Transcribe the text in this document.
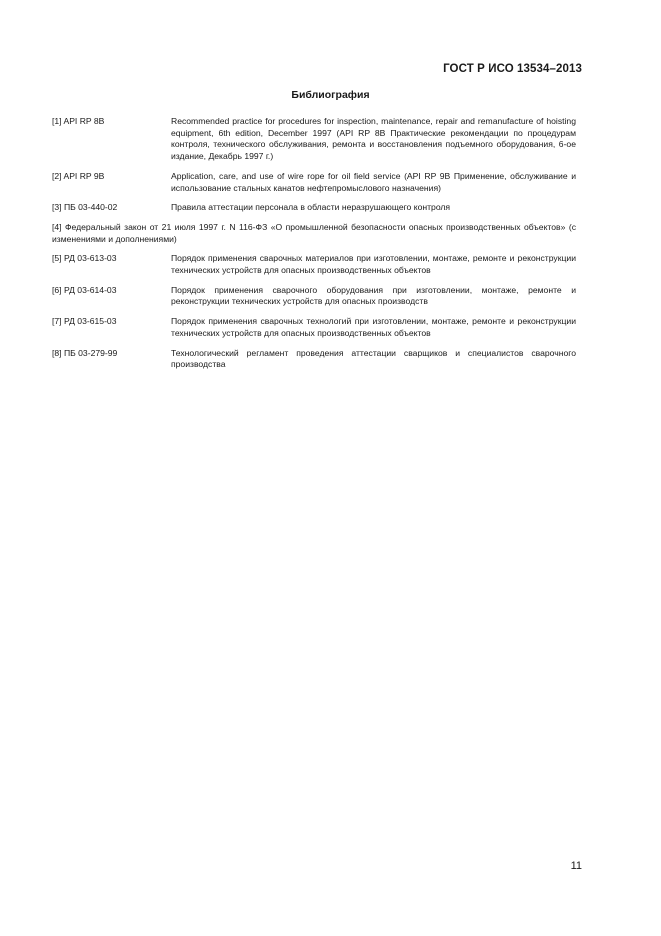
ГОСТ Р ИСО 13534–2013
Библиография
[1] API RP 8B	Recommended practice for procedures for inspection, maintenance, repair and remanufacture of hoisting equipment, 6th edition, December 1997 (API RP 8B Практические рекомендации по процедурам контроля, технического обслуживания, ремонта и восстановления подъемного оборудования, 6-ое издание, Декабрь 1997 г.)
[2] API RP 9B	Application, care, and use of wire rope for oil field service (API RP 9B Применение, обслуживание и использование стальных канатов нефтепромыслового назначения)
[3] ПБ 03-440-02	Правила аттестации персонала в области неразрушающего контроля
[4] Федеральный закон от 21 июля 1997 г. N 116-ФЗ «О промышленной безопасности опасных производственных объектов» (с изменениями и дополнениями)
[5] РД 03-613-03	Порядок применения сварочных материалов при изготовлении, монтаже, ремонте и реконструкции технических устройств для опасных производственных объектов
[6] РД 03-614-03	Порядок применения сварочного оборудования при изготовлении, монтаже, ремонте и реконструкции технических устройств для опасных производств
[7] РД 03-615-03	Порядок применения сварочных технологий при изготовлении, монтаже, ремонте и реконструкции технических устройств для опасных производственных объектов
[8] ПБ 03-279-99	Технологический регламент проведения аттестации сварщиков и специалистов сварочного производства
11
